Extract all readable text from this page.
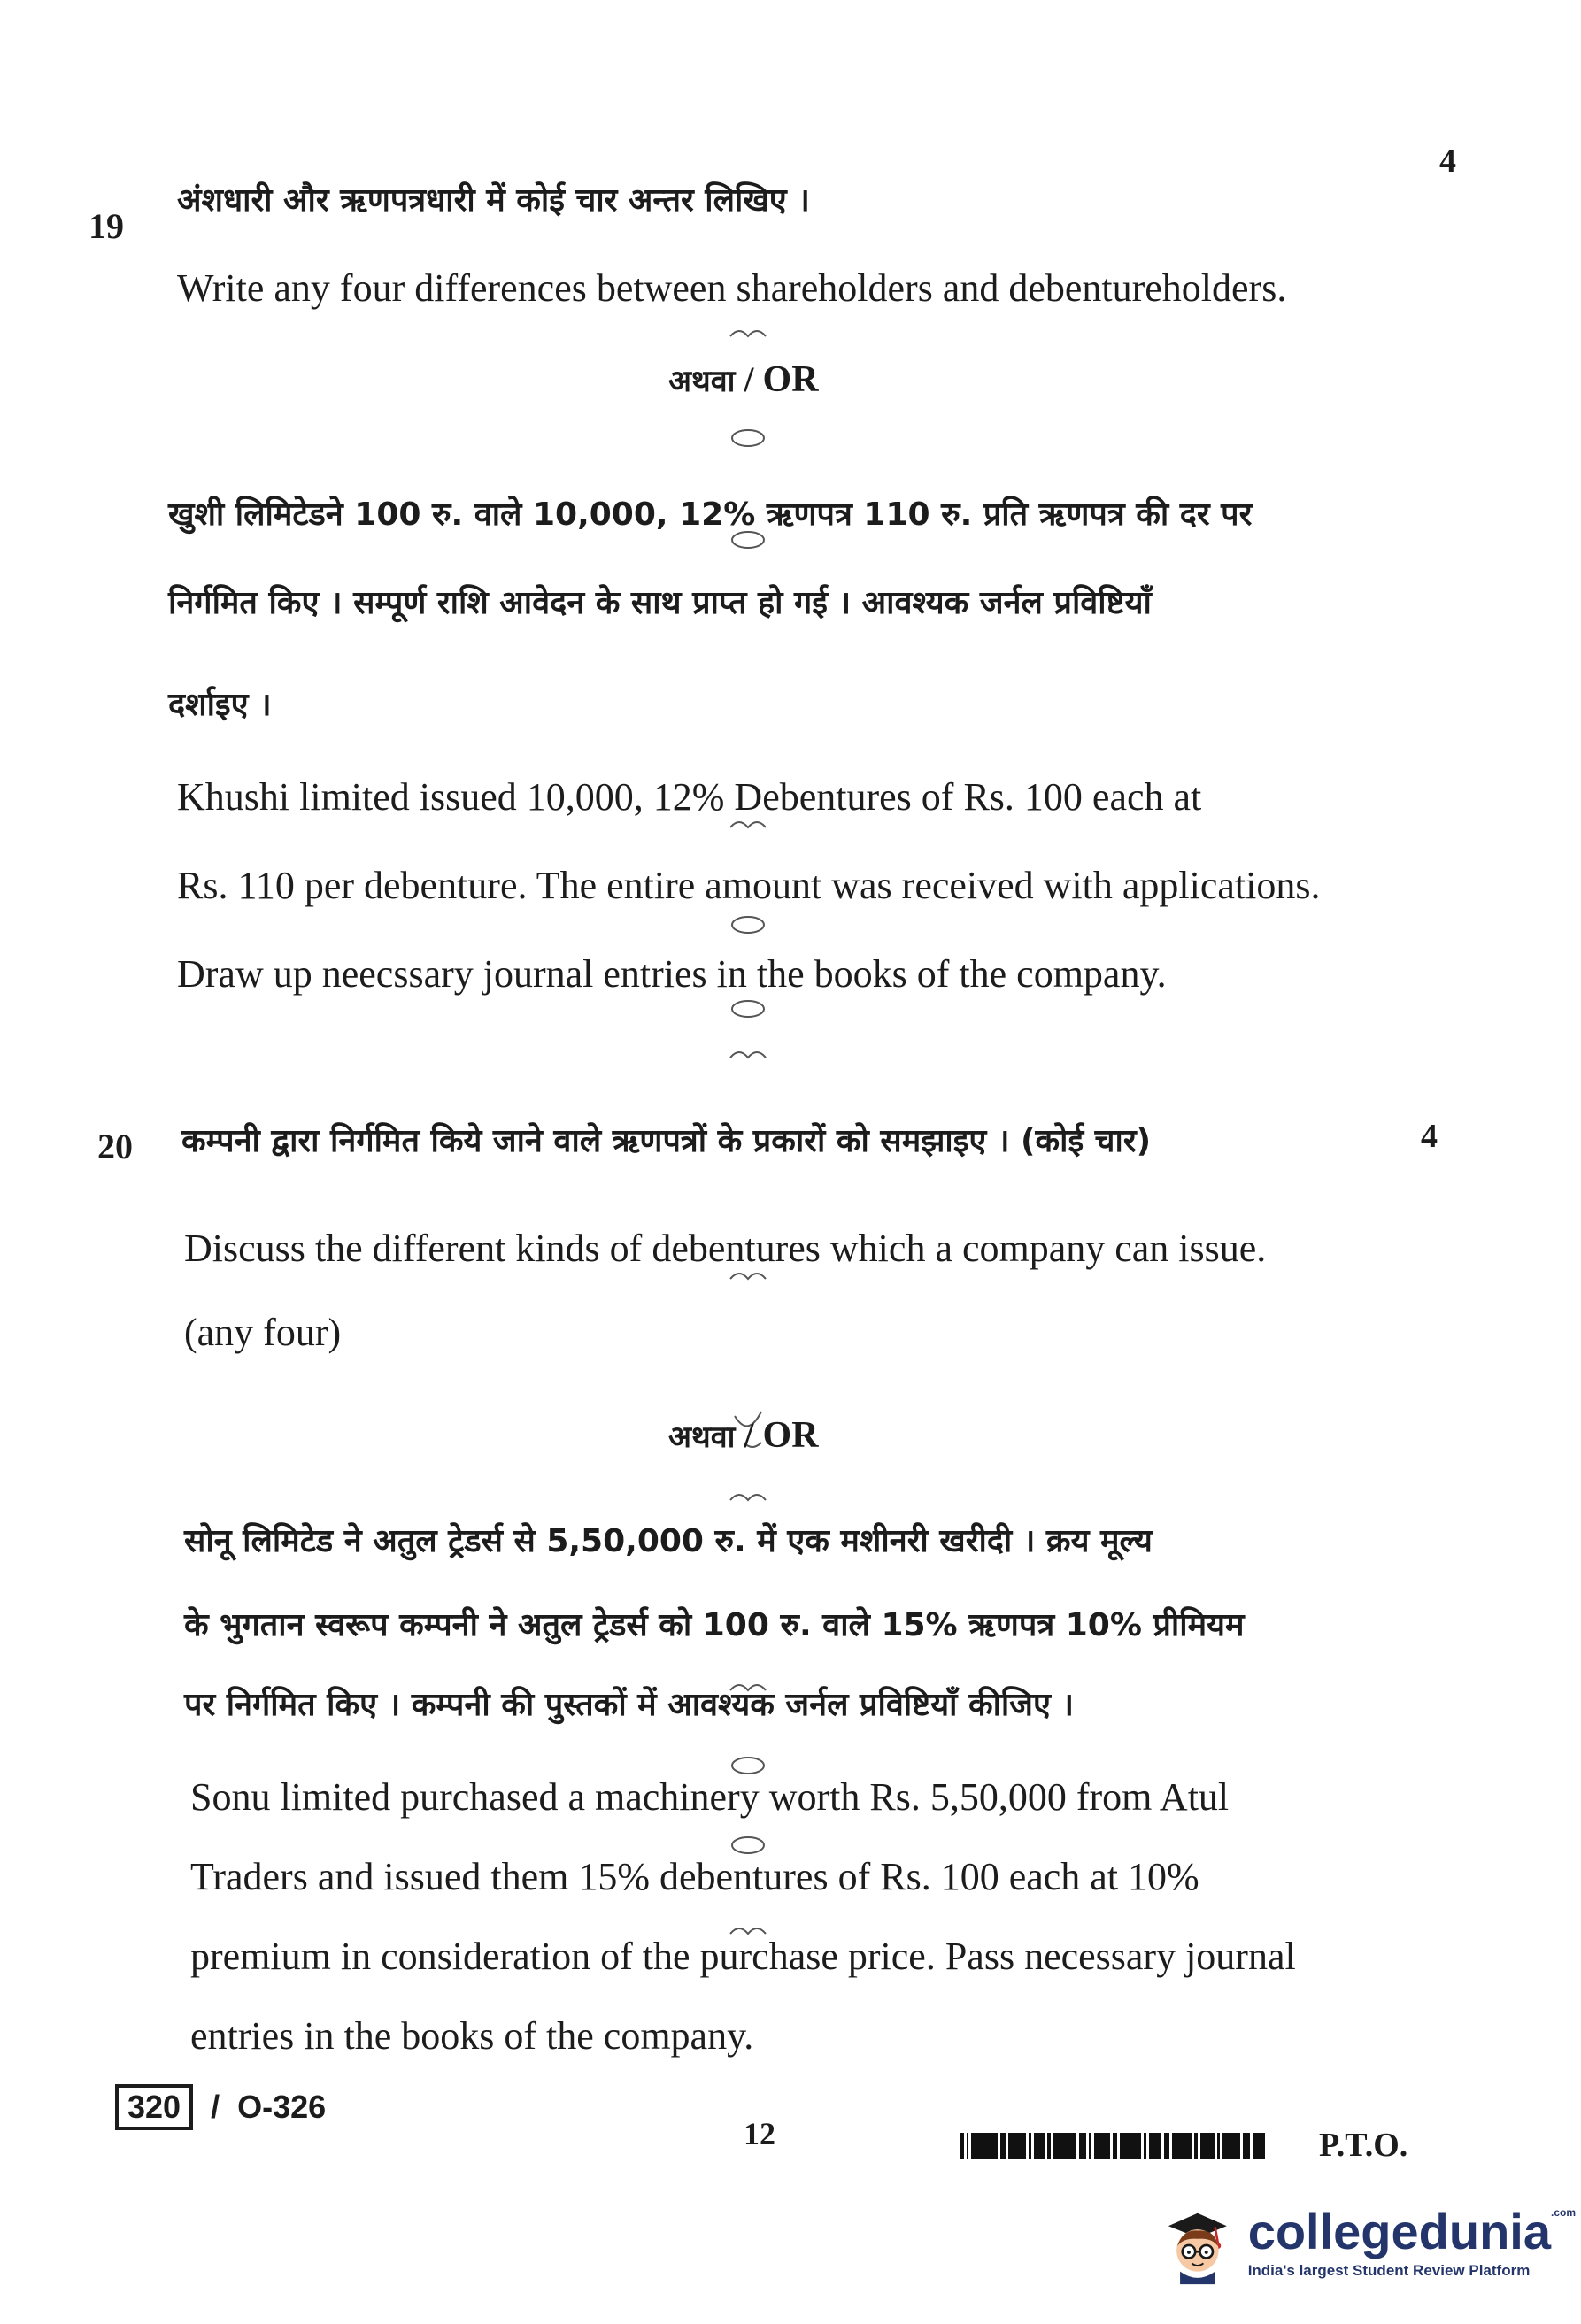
19
4
अंशधारी और ऋणपत्रधारी में कोई चार अन्तर लिखिए ।
Write any four differences between shareholders and debentureholders.
अथवा / OR
खुशी लिमिटेडने 100 रु. वाले 10,000, 12% ऋणपत्र 110 रु. प्रति ऋणपत्र की दर पर
निर्गमित किए । सम्पूर्ण राशि आवेदन के साथ प्राप्त हो गई । आवश्यक जर्नल प्रविष्टियाँ
दर्शाइए ।
Khushi limited issued 10,000, 12% Debentures of Rs. 100 each at
Rs. 110 per debenture. The entire amount was received with applications.
Draw up neecssary journal entries in the books of the company.
20	4
कम्पनी द्वारा निर्गमित किये जाने वाले ऋणपत्रों के प्रकारों को समझाइए । (कोई चार)
Discuss the different kinds of debentures which a company can issue.
(any four)
अथवा / OR
सोनू लिमिटेड ने अतुल ट्रेडर्स से 5,50,000 रु. में एक मशीनरी खरीदी । क्रय मूल्य
के भुगतान स्वरूप कम्पनी ने अतुल ट्रेडर्स को 100 रु. वाले 15% ऋणपत्र 10% प्रीमियम
पर निर्गमित किए । कम्पनी की पुस्तकों में आवश्यक जर्नल प्रविष्टियाँ कीजिए ।
Sonu limited purchased a machinery worth Rs. 5,50,000 from Atul
Traders and issued them 15% debentures of Rs. 100 each at 10%
premium in consideration of the purchase price. Pass necessary journal
entries in the books of the company.
320 / O-326
12	P.T.O.
collegedunia$^{.com}$
India's largest Student Review Platform
